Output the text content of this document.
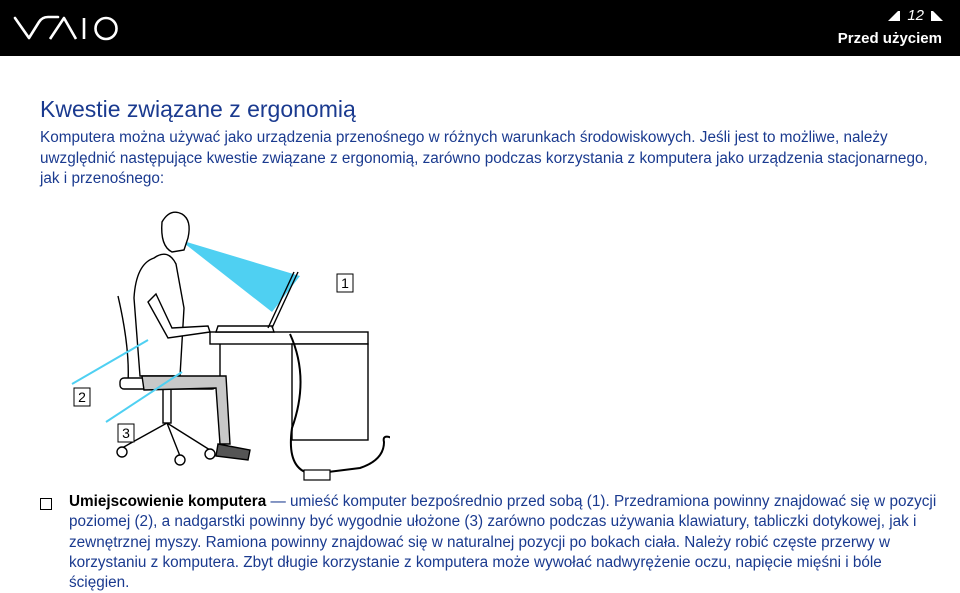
12
Przed użyciem
Kwestie związane z ergonomią

Komputera można używać jako urządzenia przenośnego w różnych warunkach środowiskowych. Jeśli jest to możliwe, należy uwzględnić następujące kwestie związane z ergonomią, zarówno podczas korzystania z komputera jako urządzenia stacjonarnego, jak i przenośnego:

1
2
3
Umiejscowienie komputera — umieść komputer bezpośrednio przed sobą (1). Przedramiona powinny znajdować się w pozycji poziomej (2), a nadgarstki powinny być wygodnie ułożone (3) zarówno podczas używania klawiatury, tabliczki dotykowej, jak i zewnętrznej myszy. Ramiona powinny znajdować się w naturalnej pozycji po bokach ciała. Należy robić częste przerwy w korzystaniu z komputera. Zbyt długie korzystanie z komputera może wywołać nadwyrężenie oczu, napięcie mięśni i bóle ścięgien.
